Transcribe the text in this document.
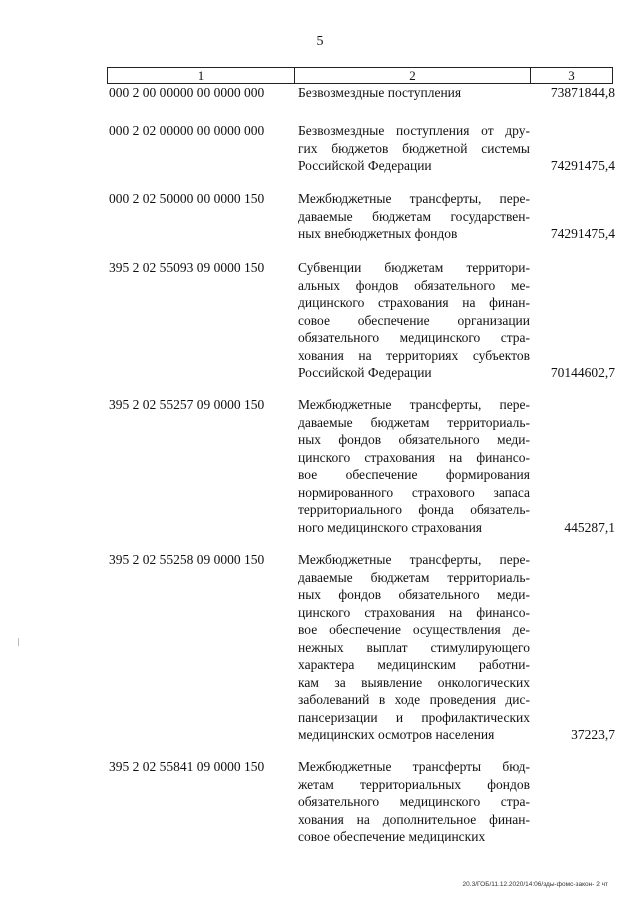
5
1	2	3
000 2 00 00000 00 0000 000	Безвозмездные поступления	73871844,8
000 2 02 00000 00 0000 000	Безвозмездные поступления от дру-
гих бюджетов бюджетной системы
Российской Федерации	74291475,4
000 2 02 50000 00 0000 150	Межбюджетные трансферты, пере-
даваемые бюджетам государствен-
ных внебюджетных фондов	74291475,4
395 2 02 55093 09 0000 150	Субвенции бюджетам территори-
альных фондов обязательного ме-
дицинского страхования на финан-
совое обеспечение организации
обязательного медицинского стра-
хования на территориях субъектов
Российской Федерации	70144602,7
395 2 02 55257 09 0000 150	Межбюджетные трансферты, пере-
даваемые бюджетам территориаль-
ных фондов обязательного меди-
цинского страхования на финансо-
вое обеспечение формирования
нормированного страхового запаса
территориального фонда обязатель-
ного медицинского страхования	445287,1
395 2 02 55258 09 0000 150	Межбюджетные трансферты, пере-
даваемые бюджетам территориаль-
ных фондов обязательного меди-
цинского страхования на финансо-
вое обеспечение осуществления де-
нежных выплат стимулирующего
характера медицинским работни-
кам за выявление онкологических
заболеваний в ходе проведения дис-
пансеризации и профилактических
медицинских осмотров населения	37223,7
395 2 02 55841 09 0000 150	Межбюджетные трансферты бюд-
жетам территориальных фондов
обязательного медицинского стра-
хования на дополнительное финан-
совое обеспечение медицинских
20.3/ГОБ/11.12.2020/14:06/зды-фомс-закон- 2 чт
